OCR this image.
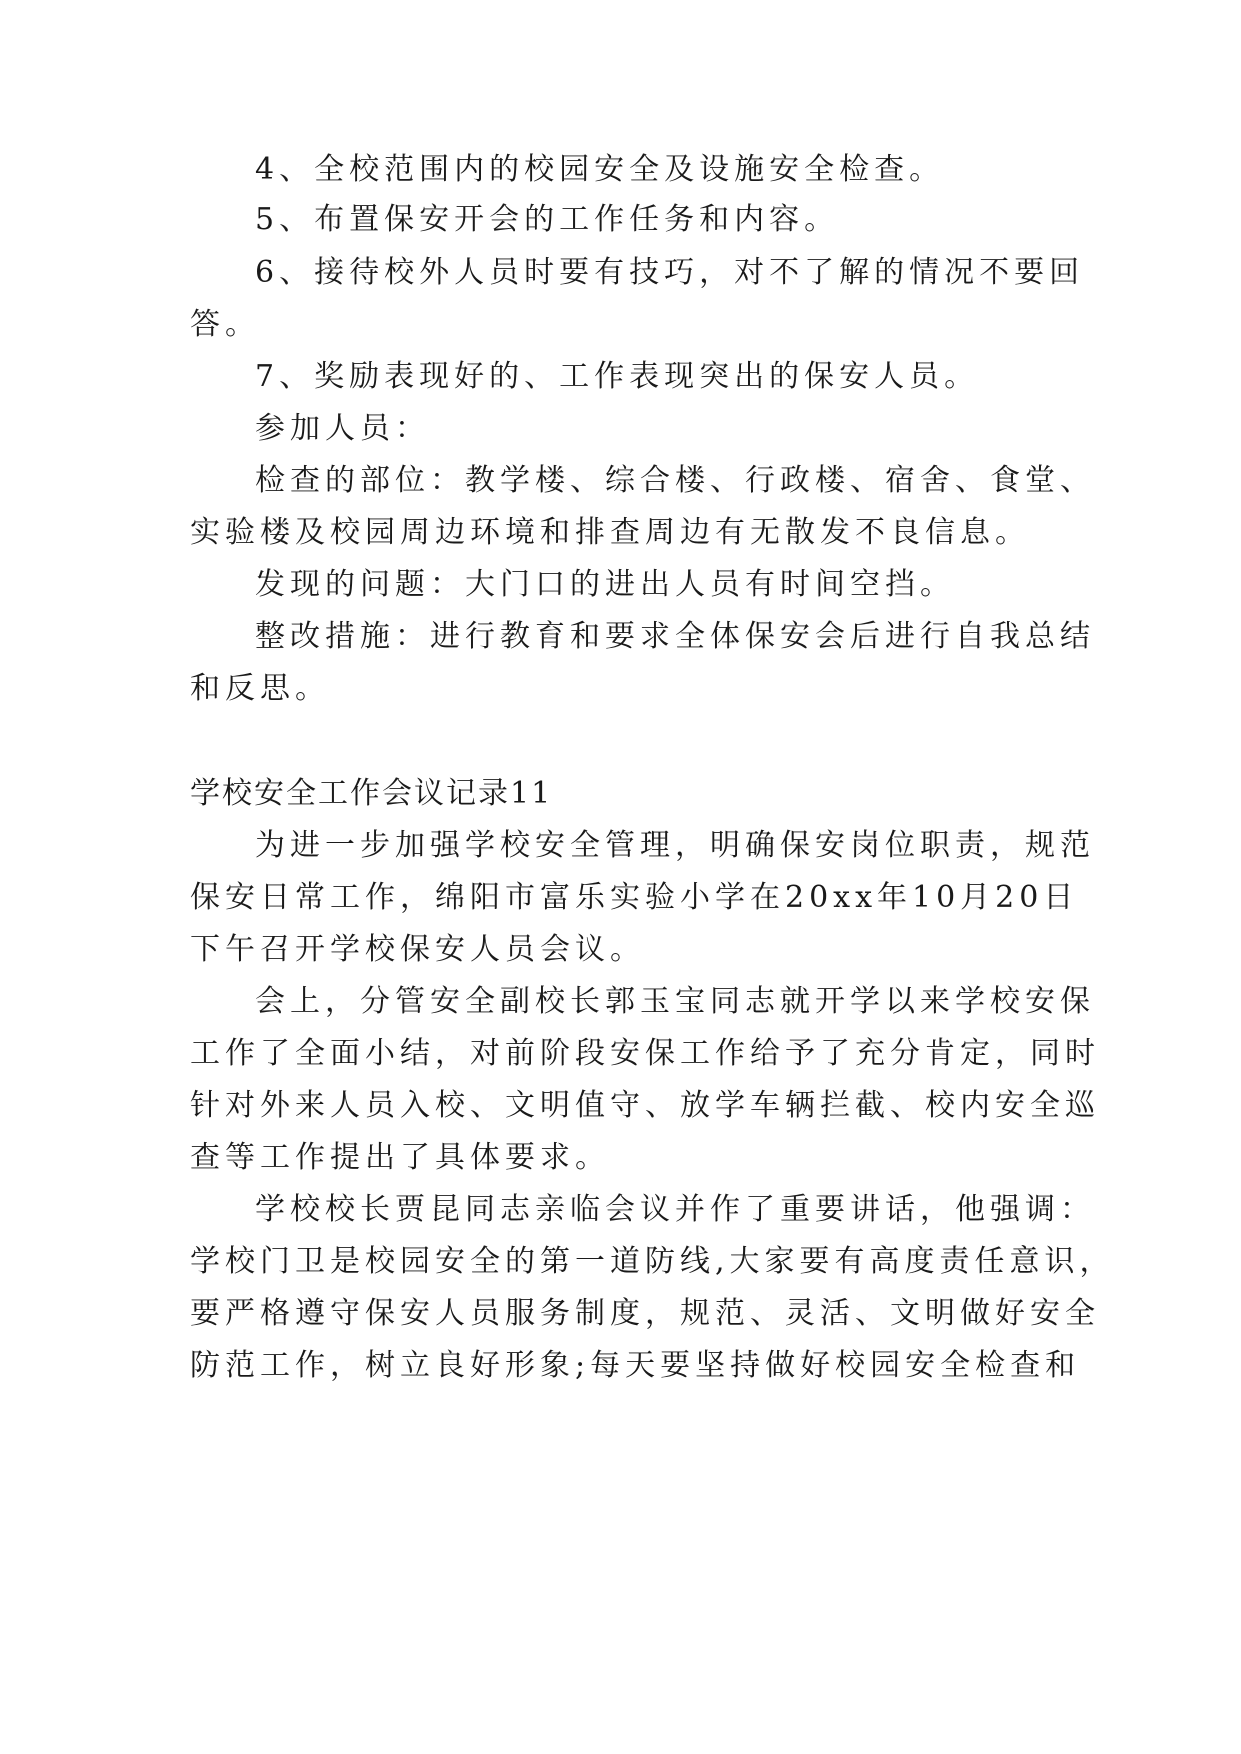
4、全校范围内的校园安全及设施安全检查。
5、布置保安开会的工作任务和内容。
6、接待校外人员时要有技巧，对不了解的情况不要回
答。
7、奖励表现好的、工作表现突出的保安人员。
参加人员：
检查的部位：教学楼、综合楼、行政楼、宿舍、食堂、
实验楼及校园周边环境和排查周边有无散发不良信息。
发现的问题：大门口的进出人员有时间空挡。
整改措施：进行教育和要求全体保安会后进行自我总结
和反思。
学校安全工作会议记录11
为进一步加强学校安全管理，明确保安岗位职责，规范
保安日常工作，绵阳市富乐实验小学在20xx年10月20日
下午召开学校保安人员会议。
会上，分管安全副校长郭玉宝同志就开学以来学校安保
工作了全面小结，对前阶段安保工作给予了充分肯定，同时
针对外来人员入校、文明值守、放学车辆拦截、校内安全巡
查等工作提出了具体要求。
学校校长贾昆同志亲临会议并作了重要讲话，他强调：
学校门卫是校园安全的第一道防线,大家要有高度责任意识，
要严格遵守保安人员服务制度，规范、灵活、文明做好安全
防范工作，树立良好形象;每天要坚持做好校园安全检查和
